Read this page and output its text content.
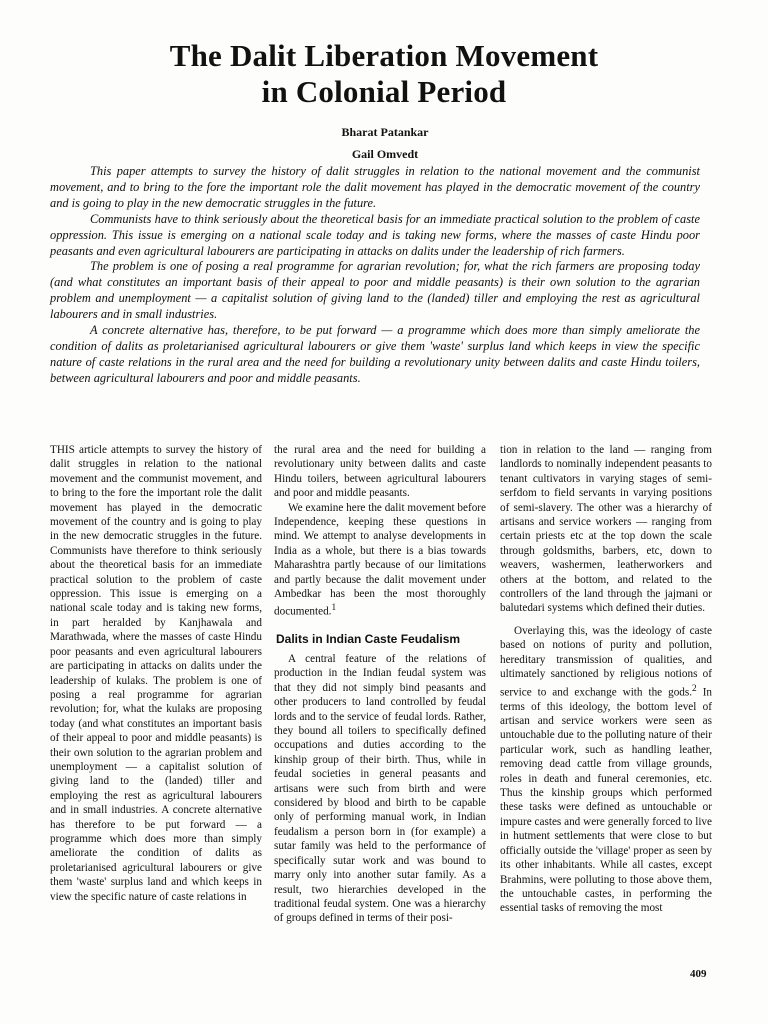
The Dalit Liberation Movement
in Colonial Period
Bharat Patankar
Gail Omvedt

This paper attempts to survey the history of dalit struggles in relation to the national movement and the communist movement, and to bring to the fore the important role the dalit movement has played in the democratic movement of the country and is going to play in the new democratic struggles in the future.

Communists have to think seriously about the theoretical basis for an immediate practical solution to the problem of caste oppression. This issue is emerging on a national scale today and is taking new forms, where the masses of caste Hindu poor peasants and even agricultural labourers are participating in attacks on dalits under the leadership of rich farmers.

The problem is one of posing a real programme for agrarian revolution; for, what the rich farmers are proposing today (and what constitutes an important basis of their appeal to poor and middle peasants) is their own solution to the agrarian problem and unemployment — a capitalist solution of giving land to the (landed) tiller and employing the rest as agricultural labourers and in small industries.

A concrete alternative has, therefore, to be put forward — a programme which does more than simply ameliorate the condition of dalits as proletarianised agricultural labourers or give them 'waste' surplus land which keeps in view the specific nature of caste relations in the rural area and the need for building a revolutionary unity between dalits and caste Hindu toilers, between agricultural labourers and poor and middle peasants.

THIS article attempts to survey the history of dalit struggles in relation to the national movement and the communist movement, and to bring to the fore the important role the dalit movement has played in the democratic movement of the country and is going to play in the new democratic struggles in the future. Communists have therefore to think seriously about the theoretical basis for an immediate practical solution to the problem of caste oppression. This issue is emerging on a national scale today and is taking new forms, in part heralded by Kanjhawala and Marathwada, where the masses of caste Hindu poor peasants and even agricultural labourers are participating in attacks on dalits under the leadership of kulaks. The problem is one of posing a real programme for agrarian revolution; for, what the kulaks are proposing today (and what constitutes an important basis of their appeal to poor and middle peasants) is their own solution to the agrarian problem and unemployment — a capitalist solution of giving land to the (landed) tiller and employing the rest as agricultural labourers and in small industries. A concrete alternative has therefore to be put forward — a programme which does more than simply ameliorate the condition of dalits as proletarianised agricultural labourers or give them 'waste' surplus land and which keeps in view the specific nature of caste relations in

the rural area and the need for building a revolutionary unity between dalits and caste Hindu toilers, between agricultural labourers and poor and middle peasants.

We examine here the dalit movement before Independence, keeping these questions in mind. We attempt to analyse developments in India as a whole, but there is a bias towards Maharashtra partly because of our limitations and partly because the dalit movement under Ambedkar has been the most thoroughly documented.$^1$

Dalits in Indian Caste Feudalism

A central feature of the relations of production in the Indian feudal system was that they did not simply bind peasants and other producers to land controlled by feudal lords and to the service of feudal lords. Rather, they bound all toilers to specifically defined occupations and duties according to the kinship group of their birth. Thus, while in feudal societies in general peasants and artisans were such from birth and were considered by blood and birth to be capable only of performing manual work, in Indian feudalism a person born in (for example) a sutar family was held to the performance of specifically sutar work and was bound to marry only into another sutar family. As a result, two hierarchies developed in the traditional feudal system. One was a hierarchy of groups defined in terms of their posi-

tion in relation to the land — ranging from landlords to nominally independent peasants to tenant cultivators in varying stages of semi-serfdom to field servants in varying positions of semi-slavery. The other was a hierarchy of artisans and service workers — ranging from certain priests etc at the top down the scale through goldsmiths, barbers, etc, down to weavers, washermen, leatherworkers and others at the bottom, and related to the controllers of the land through the jajmani or balutedari systems which defined their duties.

Overlaying this, was the ideology of caste based on notions of purity and pollution, hereditary transmission of qualities, and ultimately sanctioned by religious notions of service to and exchange with the gods.$^2$ In terms of this ideology, the bottom level of artisan and service workers were seen as untouchable due to the polluting nature of their particular work, such as handling leather, removing dead cattle from village grounds, roles in death and funeral ceremonies, etc. Thus the kinship groups which performed these tasks were defined as untouchable or impure castes and were generally forced to live in hutment settlements that were close to but officially outside the 'village' proper as seen by its other inhabitants. While all castes, except Brahmins, were polluting to those above them, the untouchable castes, in performing the essential tasks of removing the most

409
